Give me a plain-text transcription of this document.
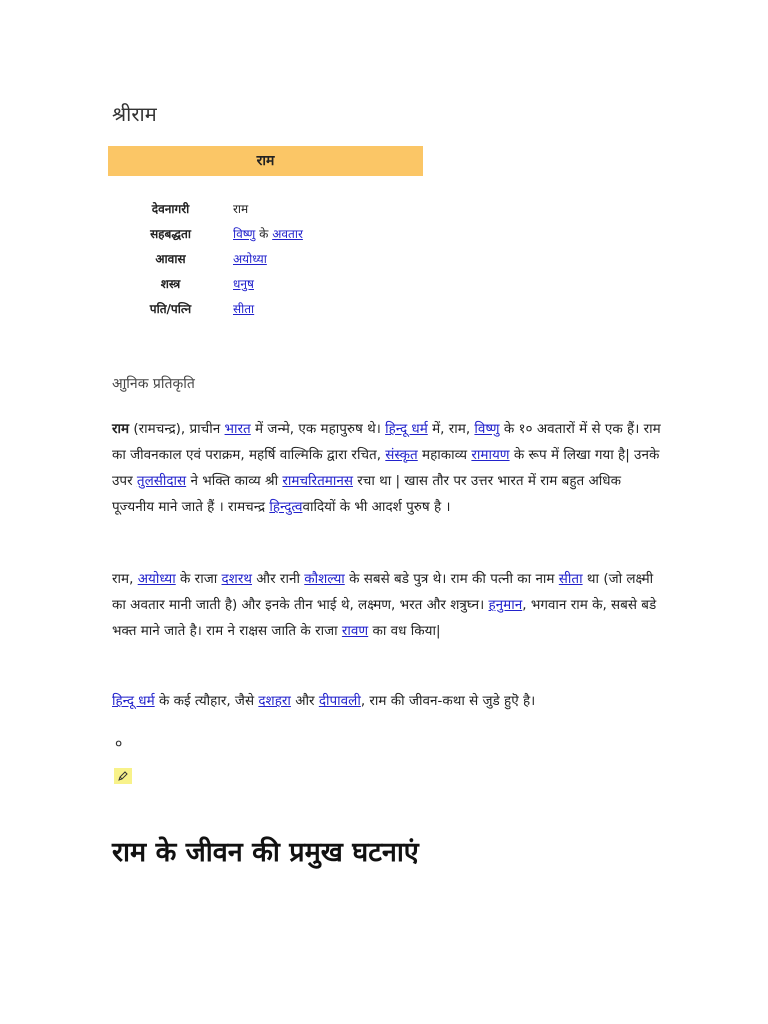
श्रीराम
राम
देवनागरी	राम
सहबद्धता	विष्णु के अवतार
आवास	अयोध्या
शस्त्र	धनुष
पति/पत्नि	सीता
आुनिक प्रतिकृति

राम (रामचन्द्र), प्राचीन भारत में जन्मे, एक महापुरुष थे। हिन्दू धर्म में, राम, विष्णु के १० अवतारों में से एक हैं। राम का जीवनकाल एवं पराक्रम, महर्षि वाल्मिकि द्वारा रचित, संस्कृत महाकाव्य रामायण के रूप में लिखा गया है| उनके उपर तुलसीदास ने भक्ति काव्य श्री रामचरितमानस रचा था | खास तौर पर उत्तर भारत में राम बहुत अधिक पूज्यनीय माने जाते हैं । रामचन्द्र हिन्दुत्ववादियों के भी आदर्श पुरुष है ।

राम, अयोध्या के राजा दशरथ और रानी कौशल्या के सबसे बडे पुत्र थे। राम की पत्नी का नाम सीता था (जो लक्ष्मी का अवतार मानी जाती है) और इनके तीन भाई थे, लक्ष्मण, भरत और शत्रुघ्न। हनुमान, भगवान राम के, सबसे बडे भक्त माने जाते है। राम ने राक्षस जाति के राजा रावण का वध किया|

हिन्दू धर्म के कई त्यौहार, जैसे दशहरा और दीपावली, राम की जीवन-कथा से जुडे हुऎ है।

०
राम के जीवन की प्रमुख घटनाएं
